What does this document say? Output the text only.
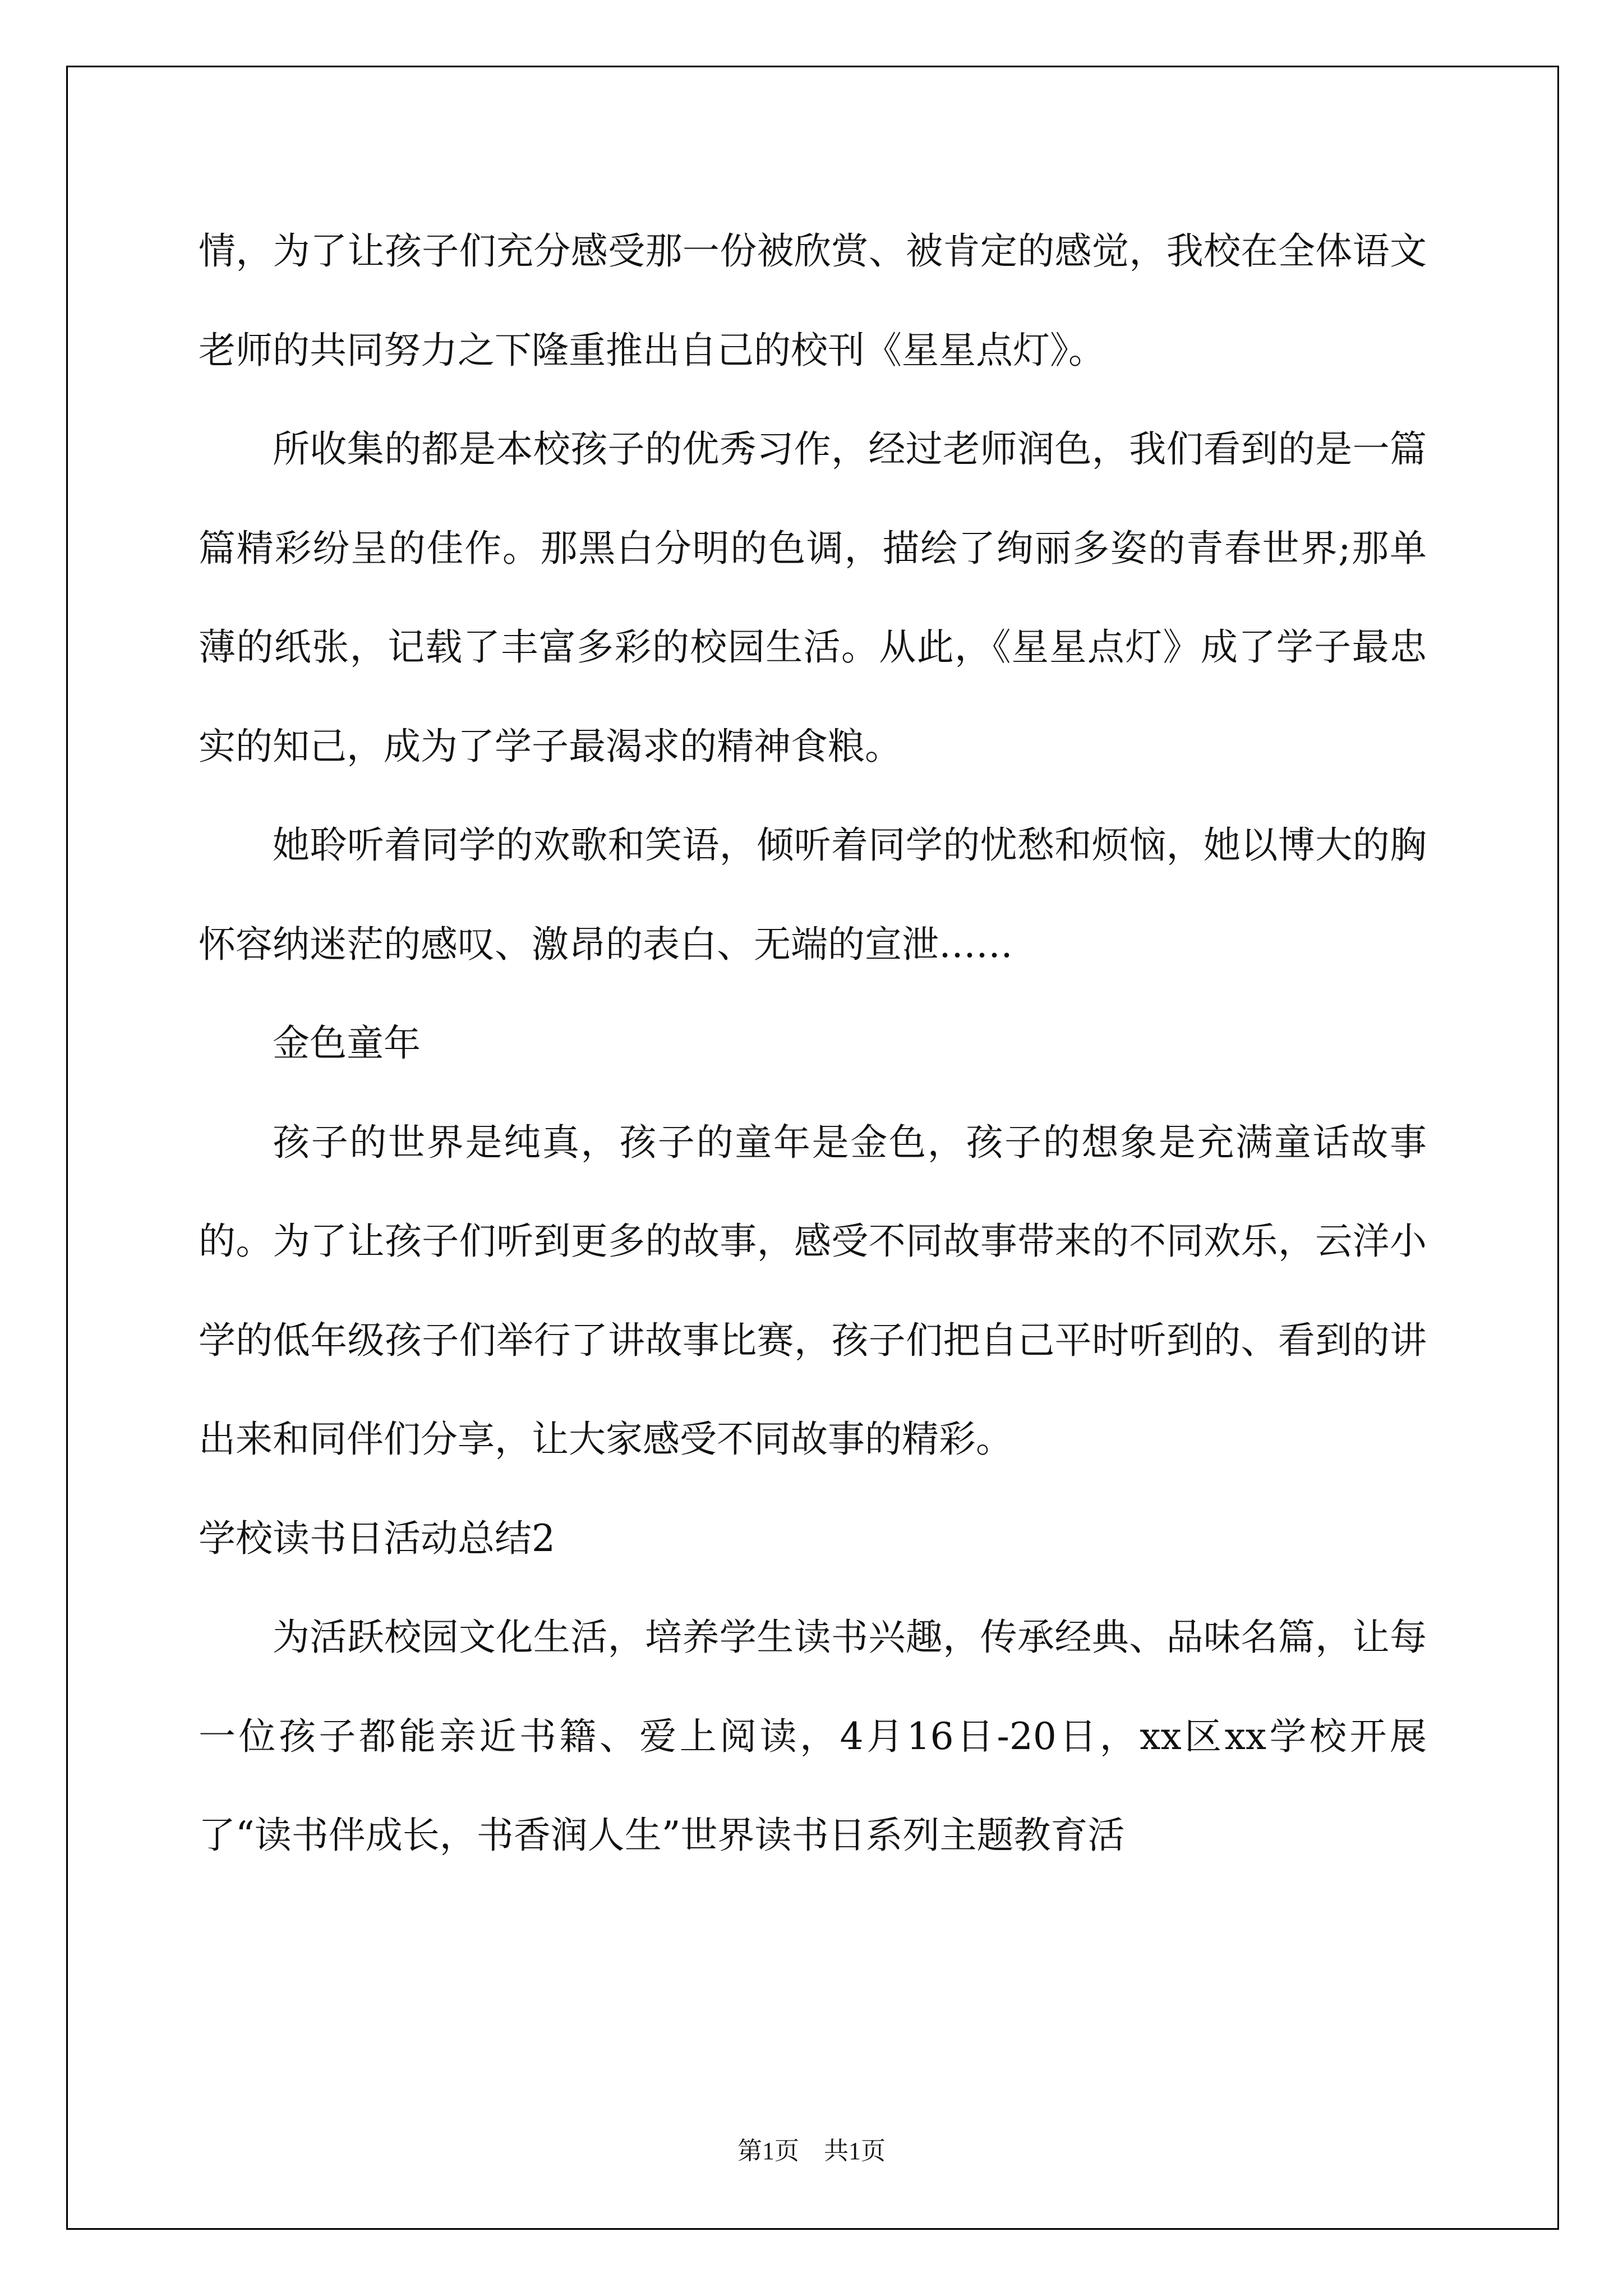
情，为了让孩子们充分感受那一份被欣赏、被肯定的感觉，我校在全体语文老师的共同努力之下隆重推出自己的校刊《星星点灯》。

所收集的都是本校孩子的优秀习作，经过老师润色，我们看到的是一篇篇精彩纷呈的佳作。那黑白分明的色调，描绘了绚丽多姿的青春世界;那单薄的纸张，记载了丰富多彩的校园生活。从此，《星星点灯》成了学子最忠实的知己，成为了学子最渴求的精神食粮。

她聆听着同学的欢歌和笑语，倾听着同学的忧愁和烦恼，她以博大的胸怀容纳迷茫的感叹、激昂的表白、无端的宣泄……

金色童年

孩子的世界是纯真，孩子的童年是金色，孩子的想象是充满童话故事的。为了让孩子们听到更多的故事，感受不同故事带来的不同欢乐，云洋小学的低年级孩子们举行了讲故事比赛，孩子们把自己平时听到的、看到的讲出来和同伴们分享，让大家感受不同故事的精彩。

学校读书日活动总结2

为活跃校园文化生活，培养学生读书兴趣，传承经典、品味名篇，让每一位孩子都能亲近书籍、爱上阅读，4月16日-20日，xx区xx学校开展了“读书伴成长，书香润人生”世界读书日系列主题教育活

第1页 共1页
